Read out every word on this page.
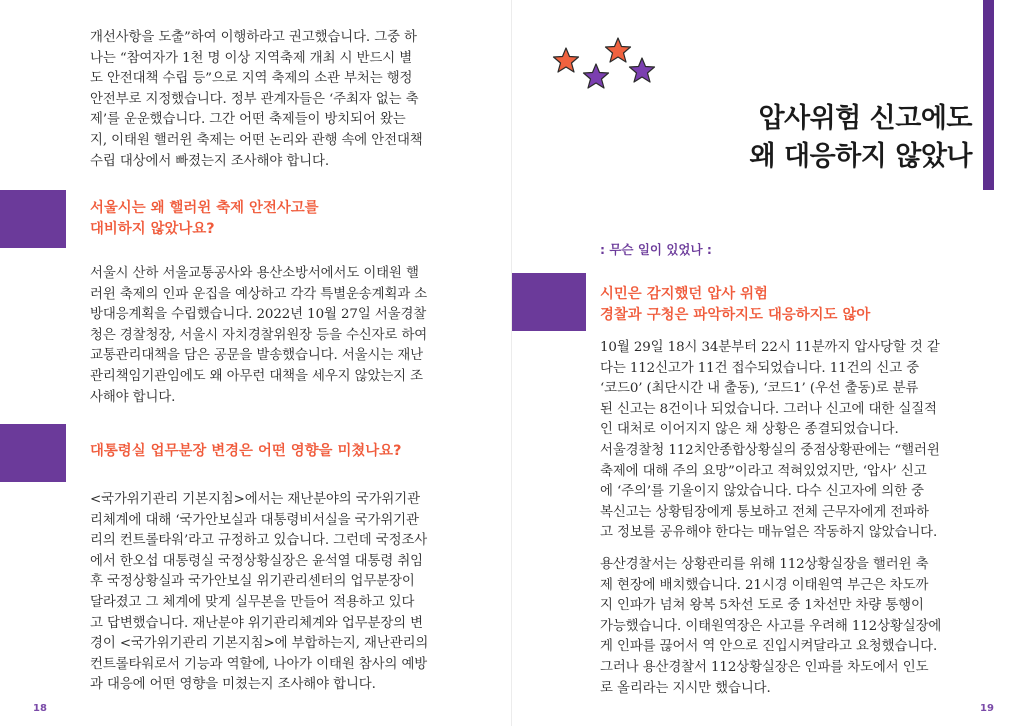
개선사항을 도출”하여 이행하라고 권고했습니다. 그중 하
나는 “참여자가 1천 명 이상 지역축제 개최 시 반드시 별
도 안전대책 수립 등”으로 지역 축제의 소관 부처는 행정
안전부로 지정했습니다. 정부 관계자들은 ‘주최자 없는 축
제’를 운운했습니다. 그간 어떤 축제들이 방치되어 왔는
지, 이태원 핼러윈 축제는 어떤 논리와 관행 속에 안전대책
수립 대상에서 빠졌는지 조사해야 합니다.

서울시는 왜 핼러윈 축제 안전사고를
대비하지 않았나요?

서울시 산하 서울교통공사와 용산소방서에서도 이태원 핼
러윈 축제의 인파 운집을 예상하고 각각 특별운송계획과 소
방대응계획을 수립했습니다. 2022년 10월 27일 서울경찰
청은 경찰청장, 서울시 자치경찰위원장 등을 수신자로 하여
교통관리대책을 담은 공문을 발송했습니다. 서울시는 재난
관리책임기관임에도 왜 아무런 대책을 세우지 않았는지 조
사해야 합니다.

대통령실 업무분장 변경은 어떤 영향을 미쳤나요?

<국가위기관리 기본지침>에서는 재난분야의 국가위기관
리체계에 대해 ‘국가안보실과 대통령비서실을 국가위기관
리의 컨트롤타워’라고 규정하고 있습니다. 그런데 국정조사
에서 한오섭 대통령실 국정상황실장은 윤석열 대통령 취임
후 국정상황실과 국가안보실 위기관리센터의 업무분장이
달라졌고 그 체계에 맞게 실무본을 만들어 적용하고 있다
고 답변했습니다. 재난분야 위기관리체계와 업무분장의 변
경이 <국가위기관리 기본지침>에 부합하는지, 재난관리의
컨트롤타워로서 기능과 역할에, 나아가 이태원 참사의 예방
과 대응에 어떤 영향을 미쳤는지 조사해야 합니다.

18
압사위험 신고에도
왜 대응하지 않았나
: 무슨 일이 있었나 :
시민은 감지했던 압사 위험
경찰과 구청은 파악하지도 대응하지도 않아

10월 29일 18시 34분부터 22시 11분까지 압사당할 것 같
다는 112신고가 11건 접수되었습니다. 11건의 신고 중
‘코드0’ (최단시간 내 출동), ‘코드1’ (우선 출동)로 분류
된 신고는 8건이나 되었습니다. 그러나 신고에 대한 실질적
인 대처로 이어지지 않은 채 상황은 종결되었습니다.
서울경찰청 112치안종합상황실의 중점상황판에는 “핼러윈
축제에 대해 주의 요망”이라고 적혀있었지만, ‘압사’ 신고
에 ‘주의’를 기울이지 않았습니다. 다수 신고자에 의한 중
복신고는 상황팀장에게 통보하고 전체 근무자에게 전파하
고 정보를 공유해야 한다는 매뉴얼은 작동하지 않았습니다.

용산경찰서는 상황관리를 위해 112상황실장을 핼러윈 축
제 현장에 배치했습니다. 21시경 이태원역 부근은 차도까
지 인파가 넘쳐 왕복 5차선 도로 중 1차선만 차량 통행이
가능했습니다. 이태원역장은 사고를 우려해 112상황실장에
게 인파를 끊어서 역 안으로 진입시켜달라고 요청했습니다.
그러나 용산경찰서 112상황실장은 인파를 차도에서 인도
로 올리라는 지시만 했습니다.

19
